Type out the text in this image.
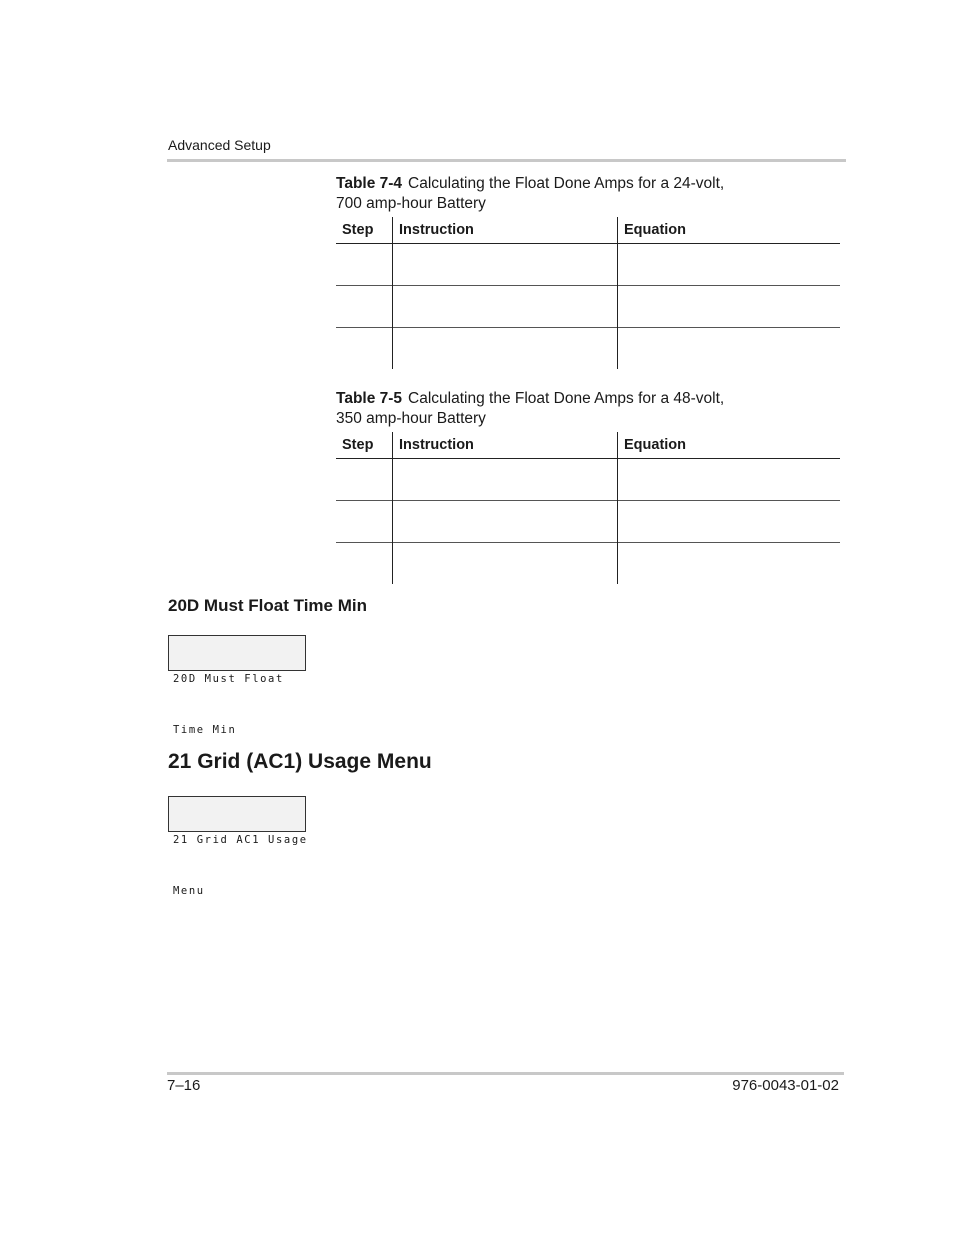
Advanced Setup
Table 7-4 Calculating the Float Done Amps for a 24-volt,
700 amp-hour Battery
Step	Instruction	Equation

Table 7-5 Calculating the Float Done Amps for a 48-volt,
350 amp-hour Battery
Step	Instruction	Equation

20D Must Float Time Min

20D Must Float

Time Min

21 Grid (AC1) Usage Menu

21 Grid AC1 Usage

Menu

7–16	976-0043-01-02
